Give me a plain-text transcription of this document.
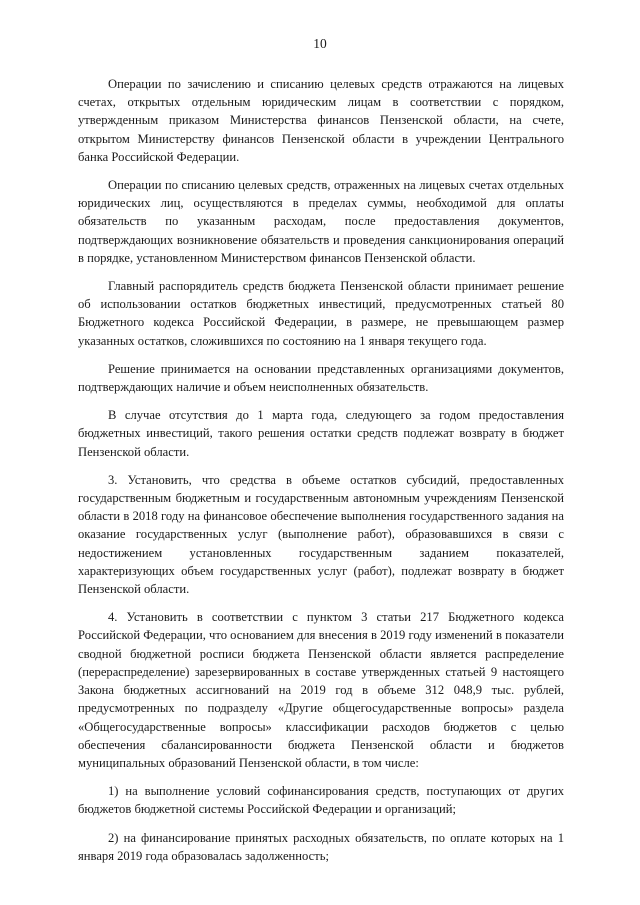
10

Операции по зачислению и списанию целевых средств отражаются на лицевых счетах, открытых отдельным юридическим лицам в соответствии с порядком, утвержденным приказом Министерства финансов Пензенской области, на счете, открытом Министерству финансов Пензенской области в учреждении Центрального банка Российской Федерации.

Операции по списанию целевых средств, отраженных на лицевых счетах отдельных юридических лиц, осуществляются в пределах суммы, необходимой для оплаты обязательств по указанным расходам, после предоставления документов, подтверждающих возникновение обязательств и проведения санкционирования операций в порядке, установленном Министерством финансов Пензенской области.

Главный распорядитель средств бюджета Пензенской области принимает решение об использовании остатков бюджетных инвестиций, предусмотренных статьей 80 Бюджетного кодекса Российской Федерации, в размере, не превышающем размер указанных остатков, сложившихся по состоянию на 1 января текущего года.

Решение принимается на основании представленных организациями документов, подтверждающих наличие и объем неисполненных обязательств.

В случае отсутствия до 1 марта года, следующего за годом предоставления бюджетных инвестиций, такого решения остатки средств подлежат возврату в бюджет Пензенской области.

3. Установить, что средства в объеме остатков субсидий, предоставленных государственным бюджетным и государственным автономным учреждениям Пензенской области в 2018 году на финансовое обеспечение выполнения государственного задания на оказание государственных услуг (выполнение работ), образовавшихся в связи с недостижением установленных государственным заданием показателей, характеризующих объем государственных услуг (работ), подлежат возврату в бюджет Пензенской области.

4. Установить в соответствии с пунктом 3 статьи 217 Бюджетного кодекса Российской Федерации, что основанием для внесения в 2019 году изменений в показатели сводной бюджетной росписи бюджета Пензенской области является распределение (перераспределение) зарезервированных в составе утвержденных статьей 9 настоящего Закона бюджетных ассигнований на 2019 год в объеме 312 048,9 тыс. рублей, предусмотренных по подразделу «Другие общегосударственные вопросы» раздела «Общегосударственные вопросы» классификации расходов бюджетов с целью обеспечения сбалансированности бюджета Пензенской области и бюджетов муниципальных образований Пензенской области, в том числе:

1) на выполнение условий софинансирования средств, поступающих от других бюджетов бюджетной системы Российской Федерации и организаций;

2) на финансирование принятых расходных обязательств, по оплате которых на 1 января 2019 года образовалась задолженность;
